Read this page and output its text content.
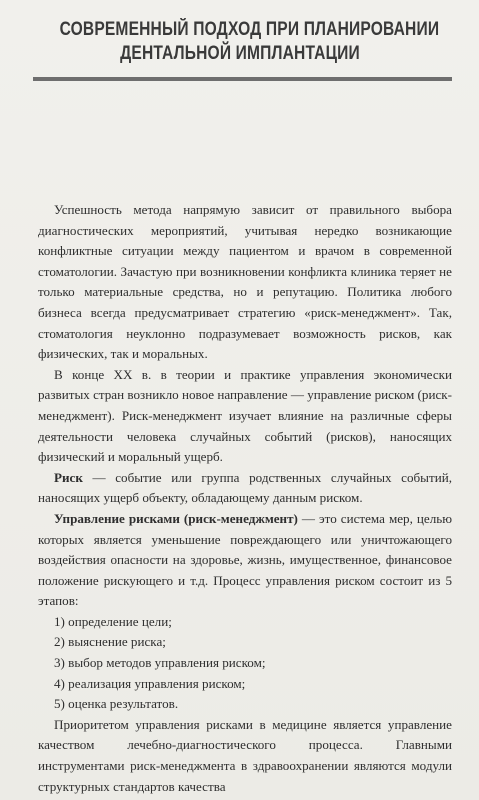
СОВРЕМЕННЫЙ ПОДХОД ПРИ ПЛАНИРОВАНИИ
ДЕНТАЛЬНОЙ ИМПЛАНТАЦИИ

Успешность метода напрямую зависит от правильного выбора диагностических мероприятий, учитывая нередко возникающие конфликтные ситуации между пациентом и врачом в современной стоматологии. Зачастую при возникновении конфликта клиника теряет не только материальные средства, но и репутацию. Политика любого бизнеса всегда предусматривает стратегию «риск-менеджмент». Так, стоматология неуклонно подразумевает возможность рисков, как физических, так и моральных.

В конце XX в. в теории и практике управления экономически развитых стран возникло новое направление — управление риском (риск-менеджмент). Риск-менеджмент изучает влияние на различные сферы деятельности человека случайных событий (рисков), наносящих физический и моральный ущерб.

Риск — событие или группа родственных случайных событий, наносящих ущерб объекту, обладающему данным риском.

Управление рисками (риск-менеджмент) — это система мер, целью которых является уменьшение повреждающего или уничтожающего воздействия опасности на здоровье, жизнь, имущественное, финансовое положение рискующего и т.д. Процесс управления риском состоит из 5 этапов:

1) определение цели;

2) выяснение риска;

3) выбор методов управления риском;

4) реализация управления риском;

5) оценка результатов.

Приоритетом управления рисками в медицине является управление качеством лечебно-диагностического процесса. Главными инструментами риск-менеджмента в здравоохранении являются модули структурных стандартов качества
